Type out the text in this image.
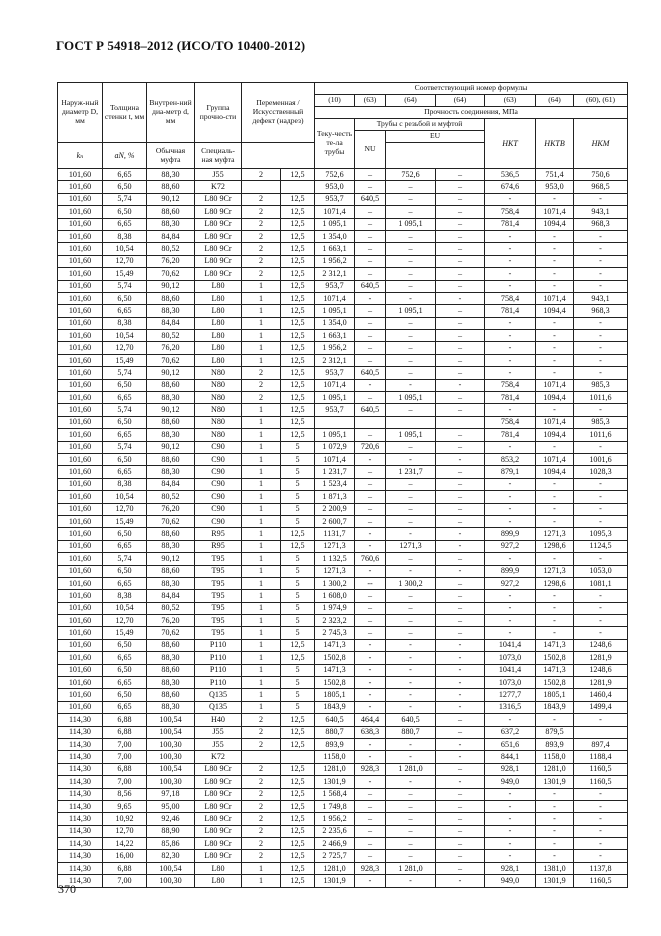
ГОСТ Р 54918–2012 (ИСО/ТО 10400-2012)
Наруж-ный диаметр D, мм	Толщина стенки t, мм	Внутрен-ний диа-метр d, мм	Группа прочно-сти	Переменная /Искусственный дефект (надрез)		Соответствующий номер формулы						
						(10)	(63)	(64)	(64)	(63)	(64)	(60), (61)
						Прочность соединения, МПа						
						Теку-честь те-ла трубы	Трубы с резьбой и муфтой			НКТ	НКТВ	НКМ
							NU	EU				
kₙ	aN, %	Обычная муфта	Специаль-ная муфта									
101,60	6,65	88,30	J55	2	12,5	752,6	–	752,6	–	536,5	751,4	750,6
101,60	6,50	88,60	K72			953,0	–	–	–	674,6	953,0	968,5
101,60	5,74	90,12	L80 9Cr	2	12,5	953,7	640,5	–	–	-	-	-
101,60	6,50	88,60	L80 9Cr	2	12,5	1071,4	–	–	–	758,4	1071,4	943,1
101,60	6,65	88,30	L80 9Cr	2	12,5	1 095,1	–	1 095,1	–	781,4	1094,4	968,3
101,60	8,38	84,84	L80 9Cr	2	12,5	1 354,0	–	–	–	-	-	-
101,60	10,54	80,52	L80 9Cr	2	12,5	1 663,1	–	–	–	-	-	-
101,60	12,70	76,20	L80 9Cr	2	12,5	1 956,2	–	–	–	-	-	-
101,60	15,49	70,62	L80 9Cr	2	12,5	2 312,1	–	–	–	-	-	-
101,60	5,74	90,12	L80	1	12,5	953,7	640,5	–	–	-	-	-
101,60	6,50	88,60	L80	1	12,5	1071,4	-	-	-	758,4	1071,4	943,1
101,60	6,65	88,30	L80	1	12,5	1 095,1	–	1 095,1	–	781,4	1094,4	968,3
101,60	8,38	84,84	L80	1	12,5	1 354,0	–	–	–	-	-	-
101,60	10,54	80,52	L80	1	12,5	1 663,1	–	–	–	-	-	-
101,60	12,70	76,20	L80	1	12,5	1 956,2	–	–	–	-	-	-
101,60	15,49	70,62	L80	1	12,5	2 312,1	–	–	–	-	-	-
101,60	5,74	90,12	N80	2	12,5	953,7	640,5	–	–	-	-	-
101,60	6,50	88,60	N80	2	12,5	1071,4	-	-	-	758,4	1071,4	985,3
101,60	6,65	88,30	N80	2	12,5	1 095,1	–	1 095,1	–	781,4	1094,4	1011,6
101,60	5,74	90,12	N80	1	12,5	953,7	640,5	–	–	-	-	-
101,60	6,50	88,60	N80	1	12,5					758,4	1071,4	985,3
101,60	6,65	88,30	N80	1	12,5	1 095,1	–	1 095,1	–	781,4	1094,4	1011,6
101,60	5,74	90,12	C90	1	5	1 072,9	720,6	–	–	-	-	-
101,60	6,50	88,60	C90	1	5	1071,4	-	-	-	853,2	1071,4	1001,6
101,60	6,65	88,30	C90	1	5	1 231,7	–	1 231,7	–	879,1	1094,4	1028,3
101,60	8,38	84,84	C90	1	5	1 523,4	–	–	–	-	-	-
101,60	10,54	80,52	C90	1	5	1 871,3	–	–	–	-	-	-
101,60	12,70	76,20	C90	1	5	2 200,9	–	–	–	-	-	-
101,60	15,49	70,62	C90	1	5	2 600,7	–	–	–	-	-	-
101,60	6,50	88,60	R95	1	12,5	1131,7	-	-	-	899,9	1271,3	1095,3
101,60	6,65	88,30	R95	1	12,5	1271,3	-	1271,3	-	927,2	1298,6	1124,5
101,60	5,74	90,12	T95	1	5	1 132,5	760,6	–	–	-	-	-
101,60	6,50	88,60	T95	1	5	1271,3	-	-	-	899,9	1271,3	1053,0
101,60	6,65	88,30	T95	1	5	1 300,2	--	1 300,2	–	927,2	1298,6	1081,1
101,60	8,38	84,84	T95	1	5	1 608,0	–	–	–	-	-	-
101,60	10,54	80,52	T95	1	5	1 974,9	–	–	–	-	-	-
101,60	12,70	76,20	T95	1	5	2 323,2	–	–	–	-	-	-
101,60	15,49	70,62	T95	1	5	2 745,3	–	–	–	-	-	-
101,60	6,50	88,60	P110	1	12,5	1471,3	-	-	-	1041,4	1471,3	1248,6
101,60	6,65	88,30	P110	1	12,5	1502,8	-	-	-	1073,0	1502,8	1281,9
101,60	6,50	88,60	P110	1	5	1471,3	-	-	-	1041,4	1471,3	1248,6
101,60	6,65	88,30	P110	1	5	1502,8	-	-	-	1073,0	1502,8	1281,9
101,60	6,50	88,60	Q135	1	5	1805,1	-	-	-	1277,7	1805,1	1460,4
101,60	6,65	88,30	Q135	1	5	1843,9	-	-	-	1316,5	1843,9	1499,4
114,30	6,88	100,54	H40	2	12,5	640,5	464,4	640,5	–	-	-	-
114,30	6,88	100,54	J55	2	12,5	880,7	638,3	880,7	–	637,2	879,5	
114,30	7,00	100,30	J55	2	12,5	893,9	-	-	-	651,6	893,9	897,4
114,30	7,00	100,30	K72			1158,0	-	-	-	844,1	1158,0	1188,4
114,30	6,88	100,54	L80 9Cr	2	12,5	1281,0	928,3	1 281,0	–	928,1	1281,0	1160,5
114,30	7,00	100,30	L80 9Cr	2	12,5	1301,9	-	-	-	949,0	1301,9	1160,5
114,30	8,56	97,18	L80 9Cr	2	12,5	1 568,4	–	–	–	-	-	-
114,30	9,65	95,00	L80 9Cr	2	12,5	1 749,8	–	–	–	-	-	-
114,30	10,92	92,46	L80 9Cr	2	12,5	1 956,2	–	–	–	-	-	-
114,30	12,70	88,90	L80 9Cr	2	12,5	2 235,6	–	–	–	-	-	-
114,30	14,22	85,86	L80 9Cr	2	12,5	2 466,9	–	–	–	-	-	-
114,30	16,00	82,30	L80 9Cr	2	12,5	2 725,7	–	–	–	-	-	-
114,30	6,88	100,54	L80	1	12,5	1281,0	928,3	1 281,0	–	928,1	1381,0	1137,8
114,30	7,00	100,30	L80	1	12,5	1301,9	-	-	-	949,0	1301,9	1160,5
370
